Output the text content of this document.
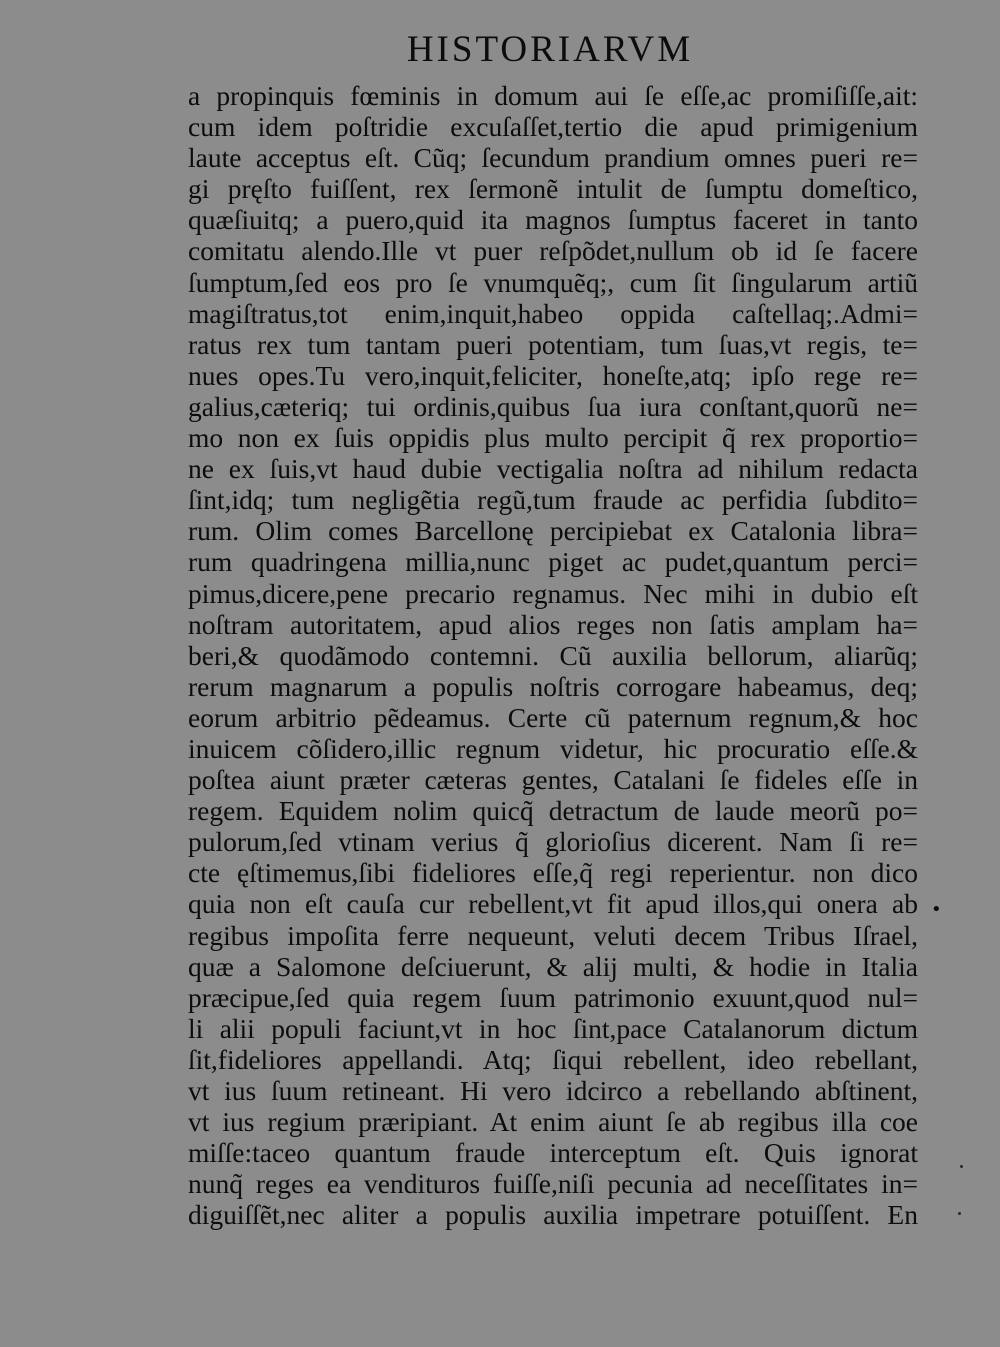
HISTORIARVM
a propinquis fœminis in domum aui ſe eſſe,ac promiſiſſe,ait:
cum idem poſtridie excuſaſſet,tertio die apud primigenium
laute acceptus eſt. Cũq; ſecundum prandium omnes pueri re=
gi pręſto fuiſſent, rex ſermonẽ intulit de ſumptu domeſtico,
quæſiuitq; a puero,quid ita magnos ſumptus faceret in tanto
comitatu alendo.Ille vt puer reſpõdet,nullum ob id ſe facere
ſumptum,ſed eos pro ſe vnumquẽq;, cum ſit ſingularum artiũ
magiſtratus,tot enim,inquit,habeo oppida caſtellaq;.Admi=
ratus rex tum tantam pueri potentiam, tum ſuas,vt regis, te=
nues opes.Tu vero,inquit,feliciter, honeſte,atq; ipſo rege re=
galius,cæteriq; tui ordinis,quibus ſua iura conſtant,quorũ ne=
mo non ex ſuis oppidis plus multo percipit q̃ rex proportio=
ne ex ſuis,vt haud dubie vectigalia noſtra ad nihilum redacta
ſint,idq; tum negligẽtia regũ,tum fraude ac perfidia ſubdito=
rum. Olim comes Barcellonę percipiebat ex Catalonia libra=
rum quadringena millia,nunc piget ac pudet,quantum perci=
pimus,dicere,pene precario regnamus. Nec mihi in dubio eſt
noſtram autoritatem, apud alios reges non ſatis amplam ha=
beri,& quodãmodo contemni. Cũ auxilia bellorum, aliarũq;
rerum magnarum a populis noſtris corrogare habeamus, deq;
eorum arbitrio pẽdeamus. Certe cũ paternum regnum,& hoc
inuicem cõſidero,illic regnum videtur, hic procuratio eſſe.&
poſtea aiunt præter cæteras gentes, Catalani ſe fideles eſſe in
regem. Equidem nolim quicq̃ detractum de laude meorũ po=
pulorum,ſed vtinam verius q̃ glorioſius dicerent. Nam ſi re=
cte ęſtimemus,ſibi fideliores eſſe,q̃ regi reperientur. non dico
quia non eſt cauſa cur rebellent,vt fit apud illos,qui onera ab
regibus impoſita ferre nequeunt, veluti decem Tribus Iſrael,
quæ a Salomone deſciuerunt, & alij multi, & hodie in Italia
præcipue,ſed quia regem ſuum patrimonio exuunt,quod nul=
li alii populi faciunt,vt in hoc ſint,pace Catalanorum dictum
ſit,fideliores appellandi. Atq; ſiqui rebellent, ideo rebellant,
vt ius ſuum retineant. Hi vero idcirco a rebellando abſtinent,
vt ius regium præripiant. At enim aiunt ſe ab regibus illa coe
miſſe:taceo quantum fraude interceptum eſt. Quis ignorat
nunq̃ reges ea vendituros fuiſſe,niſi pecunia ad neceſſitates in=
diguiſſẽt,nec aliter a populis auxilia impetrare potuiſſent. En
•
